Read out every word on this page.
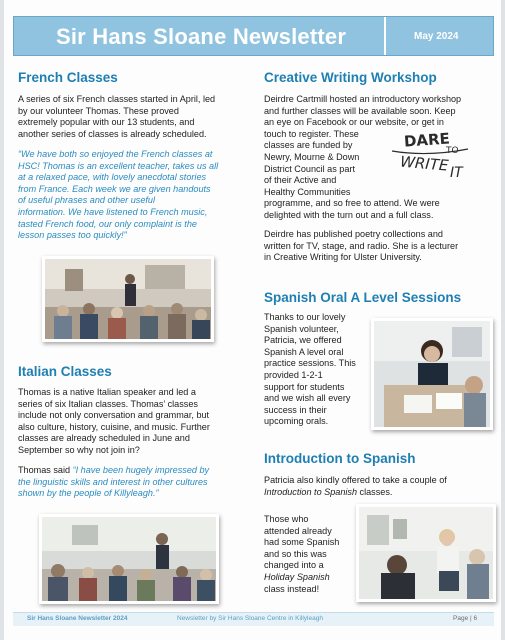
Sir Hans Sloane Newsletter	May 2024
French Classes
A series of six French classes started in April, led
by our volunteer Thomas. These proved
extremely popular with our 13 students, and
another series of classes is already scheduled.
“We have both so enjoyed the French classes at
HSC! Thomas is an excellent teacher, takes us all
at a relaxed pace, with lovely anecdotal stories
from France. Each week we are given handouts
of useful phrases and other useful
information. We have listened to French music,
tasted French food, our only complaint is the
lesson passes too quickly!”
Italian Classes
Thomas is a native Italian speaker and led a
series of six Italian classes. Thomas’ classes
include not only conversation and grammar, but
also culture, history, cuisine, and music. Further
classes are already scheduled in June and
September so why not join in?
Thomas said “I have been hugely impressed by
the linguistic skills and interest in other cultures
shown by the people of Killyleagh.”
Creative Writing Workshop
Deirdre Cartmill hosted an introductory workshop
and further classes will be available soon. Keep
an eye on Facebook or our website, or get in
touch to register. These
classes are funded by
Newry, Mourne & Down
District Council as part
of their Active and
Healthy Communities
programme, and so free to attend. We were
delighted with the turn out and a full class.
Deirdre has published poetry collections and
written for TV, stage, and radio. She is a lecturer
in Creative Writing for Ulster University.
DARE
TO
WRITE IT
Spanish Oral A Level Sessions
Thanks to our lovely
Spanish volunteer,
Patricia, we offered
Spanish A level oral
practice sessions. This
provided 1-2-1
support for students
and we wish all every
success in their
upcoming orals.
Introduction to Spanish
Patricia also kindly offered to take a couple of
Introduction to Spanish classes.
Those who
attended already
had some Spanish
and so this was
changed into a
Holiday Spanish
class instead!
Sir Hans Sloane Newsletter 2024	Newsletter by Sir Hans Sloane Centre in Killyleagh	Page | 6
